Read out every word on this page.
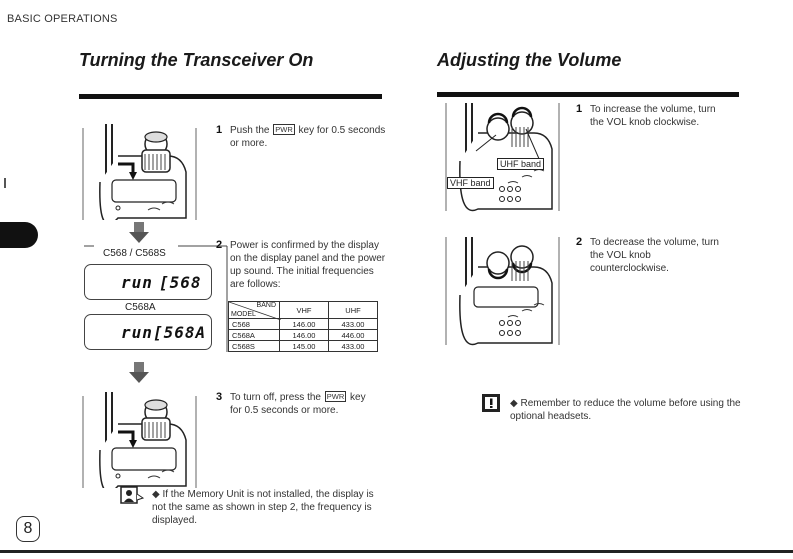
BASIC OPERATIONS
Turning the Transceiver On
1 Push the PWR key for 0.5 seconds or more.
C568 / C568S
run [568
C568A
run [568A
2 Power is confirmed by the display on the display panel and the power up sound. The initial frequencies are follows:
BAND
MODEL	VHF	UHF
C568	146.00	433.00
C568A	146.00	446.00
C568S	145.00	433.00
3 To turn off, press the PWR key for 0.5 seconds or more.
◆ If the Memory Unit is not installed, the display is not the same as shown in step 2, the frequency is displayed.
Adjusting the Volume
UHF band
VHF band
1 To increase the volume, turn the VOL knob clockwise.
2 To decrease the volume, turn the VOL knob counterclockwise.
◆ Remember to reduce the volume before using the optional headsets.
8
